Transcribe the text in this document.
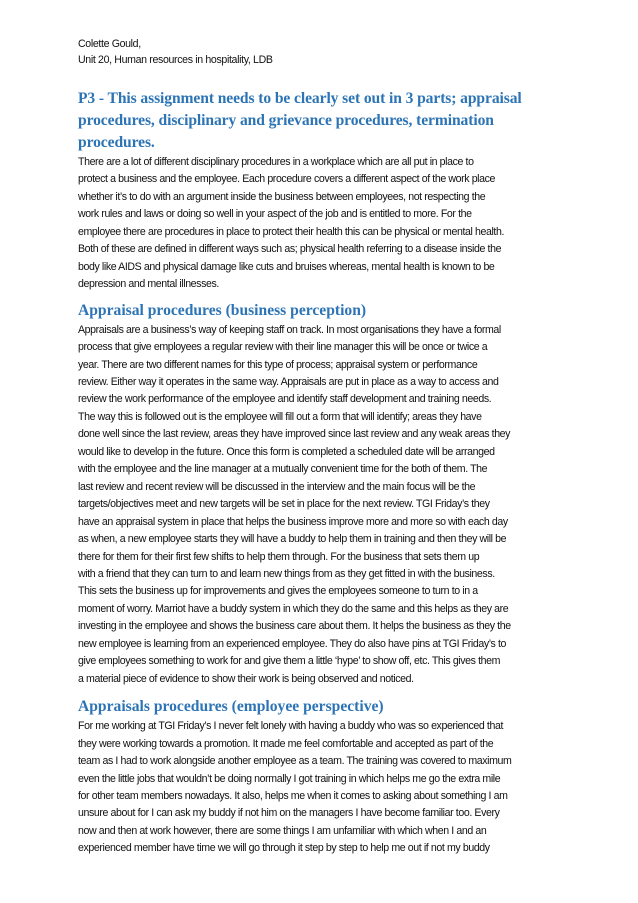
Colette Gould,
Unit 20, Human resources in hospitality, LDB
P3 - This assignment needs to be clearly set out in 3 parts; appraisal
procedures, disciplinary and grievance procedures, termination
procedures.
There are a lot of different disciplinary procedures in a workplace which are all put in place to
protect a business and the employee. Each procedure covers a different aspect of the work place
whether it’s to do with an argument inside the business between employees, not respecting the
work rules and laws or doing so well in your aspect of the job and is entitled to more. For the
employee there are procedures in place to protect their health this can be physical or mental health.
Both of these are defined in different ways such as; physical health referring to a disease inside the
body like AIDS and physical damage like cuts and bruises whereas, mental health is known to be
depression and mental illnesses.
Appraisal procedures (business perception)
Appraisals are a business’s way of keeping staff on track. In most organisations they have a formal
process that give employees a regular review with their line manager this will be once or twice a
year. There are two different names for this type of process; appraisal system or performance
review. Either way it operates in the same way. Appraisals are put in place as a way to access and
review the work performance of the employee and identify staff development and training needs.
The way this is followed out is the employee will fill out a form that will identify; areas they have
done well since the last review, areas they have improved since last review and any weak areas they
would like to develop in the future. Once this form is completed a scheduled date will be arranged
with the employee and the line manager at a mutually convenient time for the both of them. The
last review and recent review will be discussed in the interview and the main focus will be the
targets/objectives meet and new targets will be set in place for the next review. TGI Friday’s they
have an appraisal system in place that helps the business improve more and more so with each day
as when, a new employee starts they will have a buddy to help them in training and then they will be
there for them for their first few shifts to help them through. For the business that sets them up
with a friend that they can turn to and learn new things from as they get fitted in with the business.
This sets the business up for improvements and gives the employees someone to turn to in a
moment of worry. Marriot have a buddy system in which they do the same and this helps as they are
investing in the employee and shows the business care about them. It helps the business as they the
new employee is learning from an experienced employee. They do also have pins at TGI Friday’s to
give employees something to work for and give them a little ‘hype’ to show off, etc. This gives them
a material piece of evidence to show their work is being observed and noticed.
Appraisals procedures (employee perspective)
For me working at TGI Friday’s I never felt lonely with having a buddy who was so experienced that
they were working towards a promotion. It made me feel comfortable and accepted as part of the
team as I had to work alongside another employee as a team. The training was covered to maximum
even the little jobs that wouldn’t be doing normally I got training in which helps me go the extra mile
for other team members nowadays. It also, helps me when it comes to asking about something I am
unsure about for I can ask my buddy if not him on the managers I have become familiar too. Every
now and then at work however, there are some things I am unfamiliar with which when I and an
experienced member have time we will go through it step by step to help me out if not my buddy
